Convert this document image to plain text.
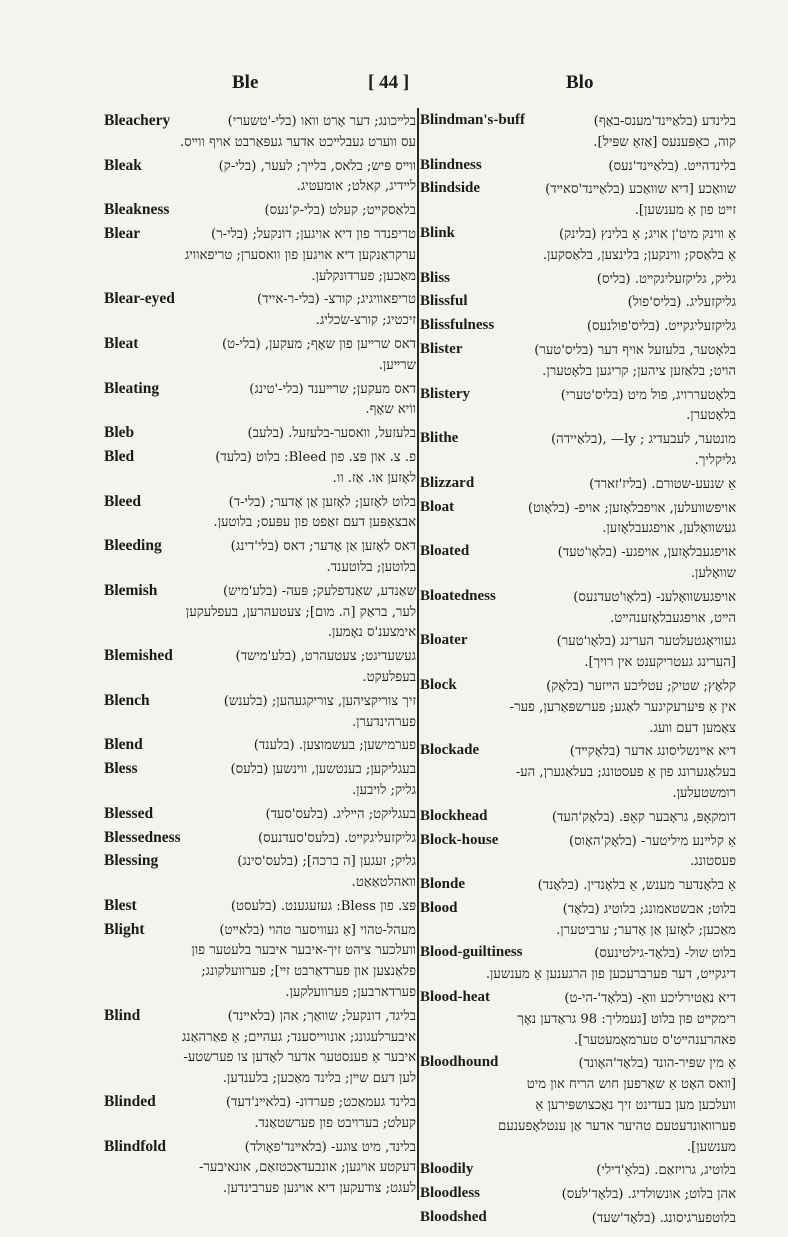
Ble	[ 44 ]	Blo
Bleachery	בלײכונג; דער אָרט וואו (בלי-'טשערי)
עס ווערט געבלײכט אדער געפּאַרבט אויף ווײס.
Bleak	ווײס פּיש; בלאס, בלײך; לעער, (בלי-ק)
לײדיג, קאלט; אומעטיג.
Bleakness	בלאַסקײט; קעלט (בלי-ק'נעס)
Blear	טריפנדר פון דיא אויגען; דונקעל; (בלי-ר)
ערקראַנקען דיא אויגען פון וואסערן; טריפאוויג
מאַכען; פערדונקלען.
Blear-eyed	טריפאוויגיג; קורצ- (בלי-ר-אייד)
זיכטיג; קורצ-שׂכליג.
Bleat	דאס שרײען פון שאָף; מעקען, (בלי-ט)
שרײען.
Bleating	דאס מעקען; שרײענד (בלי-'טינג)
ווֹיא שאָף.
Bleb	בלעזעל, וואסער-בלעזעל. (בלעב)
Bled	פ. צ. און פּצ. פון Bleed: בלוט (בלעד)
לאָזען או. אַז. וו.
Bleed	בלוט לאָזען; לאָזען אַן אָדער; (בלי-ד)
אבצאַפּען דעם זאַפט פון עפּעס; בלוטען.
Bleeding	דאס לאָזען אַן אָדער; דאס (בלי'דינג)
בלוטען; בלוטענד.
Blemish	שאַנדע, שאַנדפלעק; פּעה- (בלע'מיש)
לער, בראַק [ה. מום]; צעטעהרען, בעפלעקען
אימצענ'ס נאָמען.
Blemished	געשעדיגט; צעטעהרט, (בלע'מישד)
בעפלעקט.
Blench	זיך צוריקציהען, צוריקגעהען; (בלענש)
פערהינדערן.
Blend	פערמישען; בעשמוצען. (בלענד)
Bless	בעגליקען; בענטשען, ווינשען (בלעס)
גליק; לויבען.
Blessed	בעגליקט; הײליג. (בלעס'סעד)
Blessedness	גליקזעליגקײט. (בלעס'סעדנעס)
Blessing	גליק; זעגען [ה ברכה]; (בלעס'סינג)
וואהלטאַאַט.
Blest	פּצ. פון Bless: געזעגענט. (בלעסט)
Blight	מעהל-טהוי [אַ געוויסער טהוי (בלאײט)
וועלכער ציהט זיך-איבער איבער בלעטער פון
פלאַנצען און פערדאַרבט זײ]; פערוועלקונג;
פערדארבען; פערוועלקען.
Blind	בליגד, דונקעל; שוואַך; אהן (בלאײנד)
איבערלעגונג; אונווייסענד; געהײם; אַ פאַרהאַנג
איבער אַ פענסטער אדער לאָדען צו פערשטע-
לען דעם שײן; בלינד מאַכען; בלענדען.
Blinded	בלינד געמאַכט; פערדונ- (בלאײנ'דעד)
קעלט; בערויבט פון פערשטאַנד.
Blindfold	בלינד, מיט צוגע- (בלאײנד'פאָולד)
דעקטע אויגען; אונבעדאַכטזאַם, אונאיבער-
לעגט; צודעקען דיא אויגען פערבינדען.
Blindman's-buff	בלינדע (בלאַײנד'מענס-באַף)
קוה, כאַפּענעס [אַזאַ שפּיל].
Blindness	בלינדהײט. (בלאַײנד'נעס)
Blindside	שוואַכע [דיא שוואַכע (בלאַײנד'סאײד)
זײט פון אַ מענשען].
Blink	אַ ווינק מיט'ן אויג; אַ בלינץ (בלינק)
אַ בלאַסק; ווינקען; בלינצען, בלאַסקען.
Bliss	גליק, גליקזעליגקײט. (בליס)
Blissful	גליקזעליג. (בליס'פול)
Blissfulness	גליקזעליגקײט. (בליס'פולנעס)
Blister	בלאָטער, בלעזעל אויף דער (בליס'טער)
הויט; בלאַזען ציהען; קריגען בלאָטערן.
Blistery	בלאָטעררויג, פול מיט (בליס'טערי)
בלאָטערן.
Blithe	מונטער, לעבעדיג ; ly— ,(בלאַיידה)
גליקליך.
Blizzard	אַ שנעע-שטורם. (בליז'זארד)
Bloat	אויפשוועלען, אויפבלאָזען; אויפ- (בלאָוט)
געשוואָלען, אויפגעבלאָזען.
Bloated	אויפגעבלאָזען, אויפגע- (בלאָו'טעד)
שוואָלען.
Bloatedness	אויפגעשוואָלענ- (בלאָו'טעדנעס)
הײט, אויפגעבלאָזענהײט.
Bloater	געוויאָגטעלטער הערינג (בלאָו'טער)
[הערינג געטריקענט אין רויך].
Block	קלאָץ; שטיק; עטליכע הײזער (בלאָק)
אין אַ פּיערעקיגער לאַגע; פערשפּאַרען, פער-
צאַמען דעם וועג.
Blockade	דיא אײנשליסונג אדער (בלאָקײד)
בעלאַגערונג פון אַ פעסטונג; בעלאַגערן, הע-
רומשטעלען.
Blockhead	דומקאָפּ, גראָבער קאָפּ. (בלאָק'העד)
Block-house	אַ קלײנע מיליטער- (בלאָק'האָוס)
פעסטונג.
Blonde	אַ בלאָנדער מענש, אַ בלאָנדין. (בלאָנד)
Blood	בלוט; אבשטאמונג; בלוטיג (בלאָד)
מאַכען; לאָזען אַן אָדער; ערביטערן.
Blood-guiltiness	בלוט שול- (בלאָד-גילטינעס)
דיגקײט, דער פערברעכען פון הרגענען אַ מענשען.
Blood-heat	דיא נאַטירליכע וואַ- (בלאָד'-הי-ט)
רימקײט פון בלוט [געמליך: 98 גראַדען נאָך
פאהרענהײט'ס טערמאָמעטער].
Bloodhound	אַ מין שפּיר-הונד (בלאָד'האָונד)
[וואס האָט אַ שאַרפען חוש הריח און מיט
וועלכען מען בעדינט זיך נאָכצושפּירען אַ
פערוואונדעטעם טהיער אדער אַן ענטלאָפענעם
מענשען].
Bloodily	בלוטיג, גרויזאַם. (בלאָ'דילי)
Bloodless	אהן בלוט; אונשולדיג. (בלאָד'לעס)
Bloodshed	בלוטפערגיסונג. (בלאָד'שעד)
